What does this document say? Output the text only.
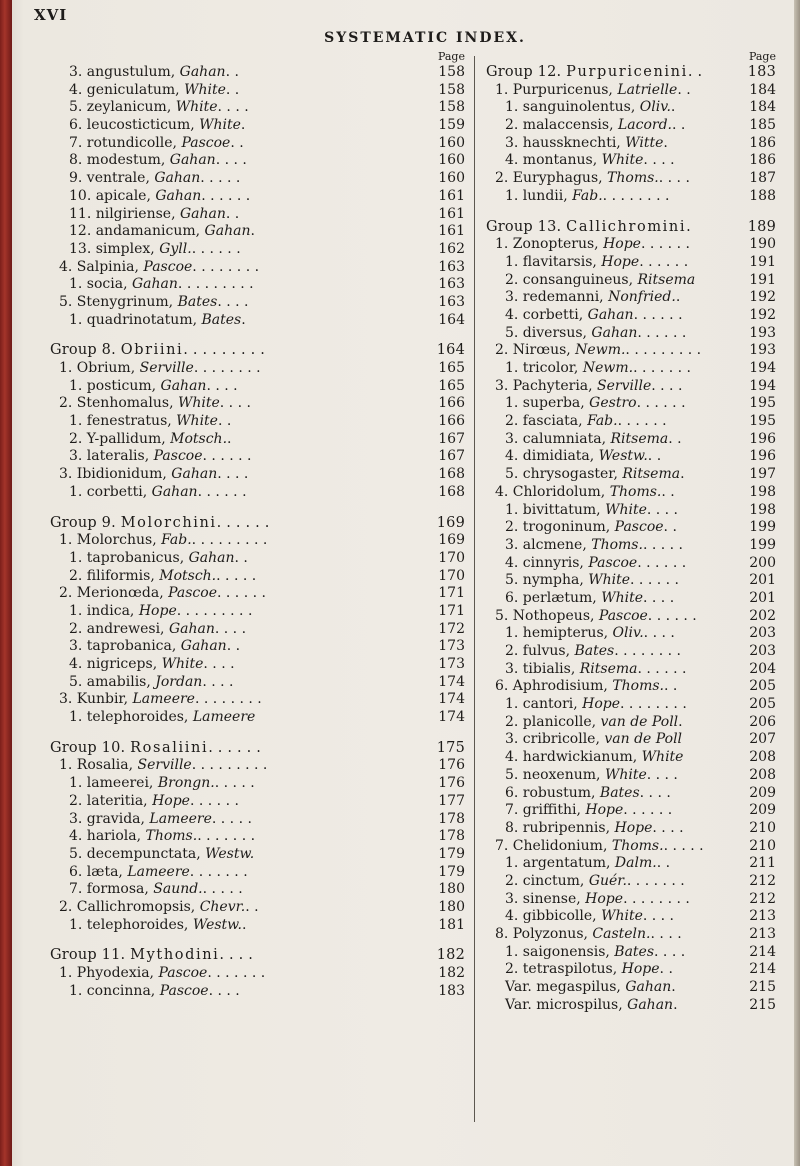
XVI
SYSTEMATIC INDEX.
Page
3. angustulum, Gahan . .	158
4. geniculatum, White . .	158
5. zeylanicum, White . . . .	158
6. leucosticticum, White .	159
7. rotundicolle, Pascoe . .	160
8. modestum, Gahan . . . .	160
9. ventrale, Gahan . . . . .	160
10. apicale, Gahan . . . . . .	161
11. nilgiriense, Gahan . .	161
12. andamanicum, Gahan .	161
13. simplex, Gyll. . . . . . .	162
4. Salpinia, Pascoe . . . . . . . .	163
1. socia, Gahan . . . . . . . . .	163
5. Stenygrinum, Bates . . . .	163
1. quadrinotatum, Bates .	164
Group 8. Obriini . . . . . . . . .	164
1. Obrium, Serville . . . . . . . .	165
1. posticum, Gahan . . . .	165
2. Stenhomalus, White . . . .	166
1. fenestratus, White . .	166
2. Y-pallidum, Motsch. .	167
3. lateralis, Pascoe . . . . . .	167
3. Ibidionidum, Gahan . . . .	168
1. corbetti, Gahan . . . . . .	168
Group 9. Molorchini . . . . . .	169
1. Molorchus, Fab. . . . . . . . . .	169
1. taprobanicus, Gahan . .	170
2. filiformis, Motsch. . . . . .	170
2. Merionœda, Pascoe . . . . . .	171
1. indica, Hope . . . . . . . . .	171
2. andrewesi, Gahan . . . .	172
3. taprobanica, Gahan . .	173
4. nigriceps, White . . . .	173
5. amabilis, Jordan . . . .	174
3. Kunbir, Lameere . . . . . . . .	174
1. telephoroides, Lameere	174
Group 10. Rosaliini . . . . . .	175
1. Rosalia, Serville . . . . . . . . .	176
1. lameerei, Brongn. . . . . .	176
2. lateritia, Hope . . . . . .	177
3. gravida, Lameere . . . . .	178
4. hariola, Thoms. . . . . . . .	178
5. decempunctata, Westw.	179
6. læta, Lameere . . . . . . .	179
7. formosa, Saund. . . . . .	180
2. Callichromopsis, Chevr. . .	180
1. telephoroides, Westw. .	181
Group 11. Mythodini . . . .	182
1. Phyodexia, Pascoe . . . . . . .	182
1. concinna, Pascoe . . . .	183
Page
Group 12. Purpuricenini . .	183
1. Purpuricenus, Latrielle . .	184
1. sanguinolentus, Oliv. .	184
2. malaccensis, Lacord. . .	185
3. haussknechti, Witte .	186
4. montanus, White . . . .	186
2. Euryphagus, Thoms. . . . .	187
1. lundii, Fab. . . . . . . . .	188
Group 13. Callichromini .	189
1. Zonopterus, Hope . . . . . .	190
1. flavitarsis, Hope . . . . . .	191
2. consanguineus, Ritsema	191
3. redemanni, Nonfried. .	192
4. corbetti, Gahan . . . . . .	192
5. diversus, Gahan . . . . . .	193
2. Nirœus, Newm. . . . . . . . . .	193
1. tricolor, Newm. . . . . . . .	194
3. Pachyteria, Serville . . . .	194
1. superba, Gestro . . . . . .	195
2. fasciata, Fab. . . . . . .	195
3. calumniata, Ritsema . .	196
4. dimidiata, Westw. . .	196
5. chrysogaster, Ritsema .	197
4. Chloridolum, Thoms. . .	198
1. bivittatum, White . . . .	198
2. trogoninum, Pascoe . .	199
3. alcmene, Thoms. . . . . .	199
4. cinnyris, Pascoe . . . . . .	200
5. nympha, White . . . . . .	201
6. perlætum, White . . . .	201
5. Nothopeus, Pascoe . . . . . .	202
1. hemipterus, Oliv. . . . .	203
2. fulvus, Bates . . . . . . . .	203
3. tibialis, Ritsema . . . . . .	204
6. Aphrodisium, Thoms. . .	205
1. cantori, Hope . . . . . . . .	205
2. planicolle, van de Poll .	206
3. cribricolle, van de Poll	207
4. hardwickianum, White	208
5. neoxenum, White . . . .	208
6. robustum, Bates . . . .	209
7. griffithi, Hope . . . . . .	209
8. rubripennis, Hope . . . .	210
7. Chelidonium, Thoms. . . . . .	210
1. argentatum, Dalm. . .	211
2. cinctum, Guér. . . . . . . .	212
3. sinense, Hope . . . . . . . .	212
4. gibbicolle, White . . . .	213
8. Polyzonus, Casteln. . . . .	213
1. saigonensis, Bates . . . .	214
2. tetraspilotus, Hope . .	214
Var. megaspilus, Gahan .	215
Var. microspilus, Gahan .	215
